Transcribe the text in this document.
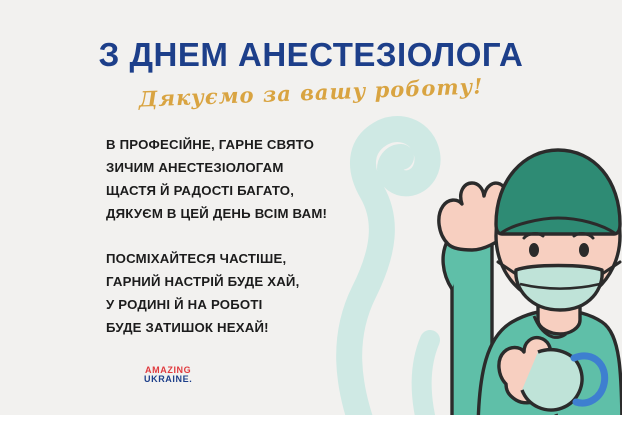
З ДНЕМ АНЕСТЕЗІОЛОГА
Дякуємо за вашу роботу!
В ПРОФЕСІЙНЕ, ГАРНЕ СВЯТО
ЗИЧИМ АНЕСТЕЗІОЛОГАМ
ЩАСТЯ Й РАДОСТІ БАГАТО,
ДЯКУЄМ В ЦЕЙ ДЕНЬ ВСІМ ВАМ!
ПОСМІХАЙТЕСЯ ЧАСТІШЕ,
ГАРНИЙ НАСТРІЙ БУДЕ ХАЙ,
У РОДИНІ Й НА РОБОТІ
БУДЕ ЗАТИШОК НЕХАЙ!
AMAZING
UKRAINE.
